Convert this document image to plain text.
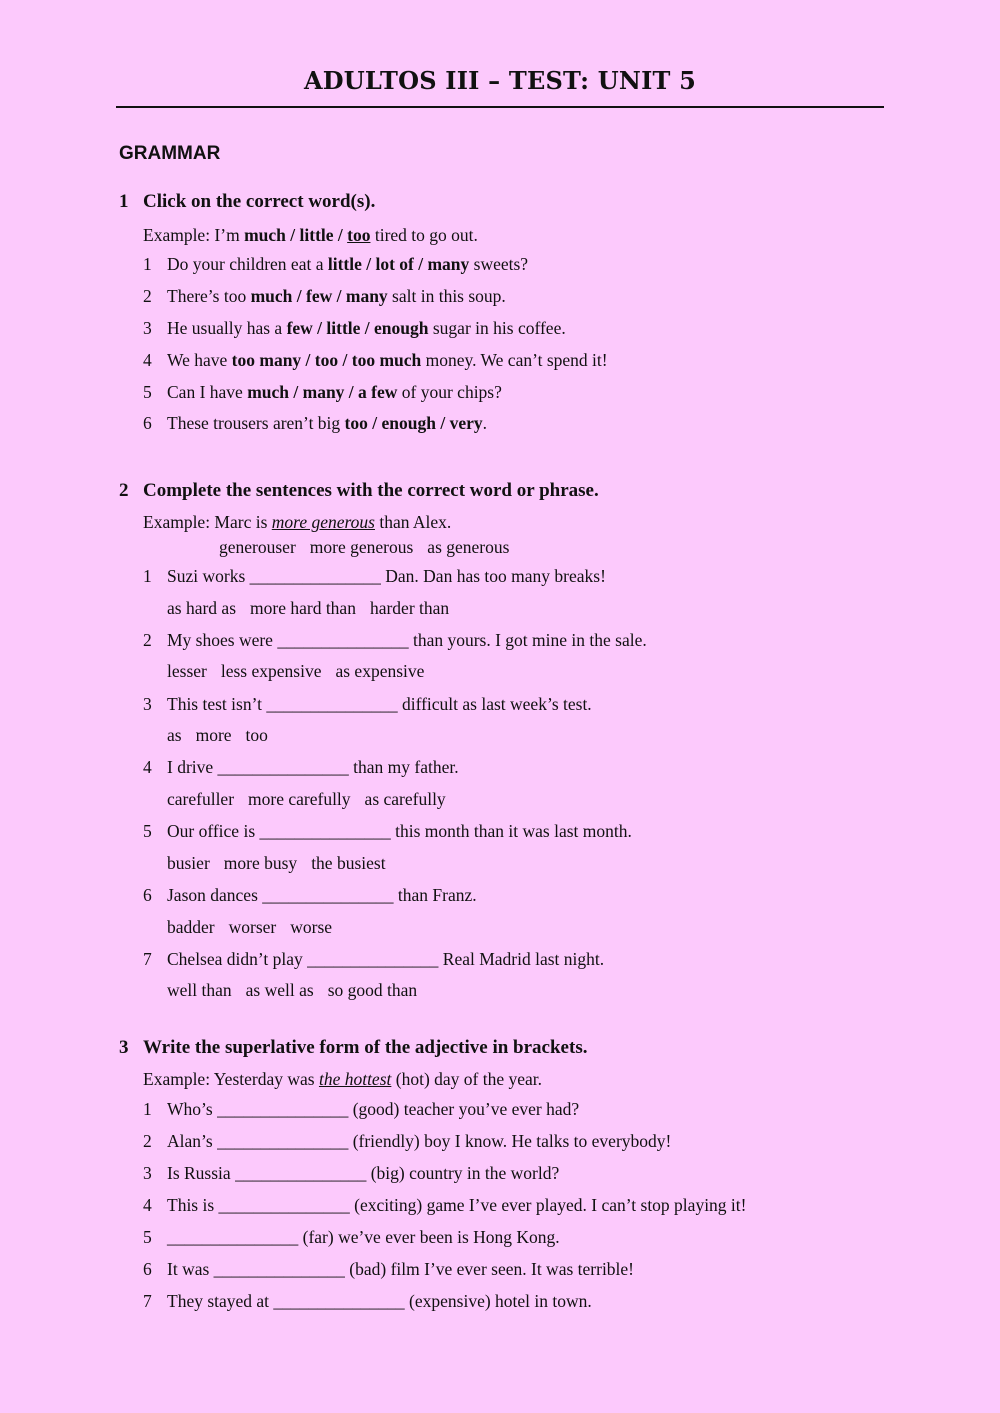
ADULTOS III – TEST: UNIT 5
GRAMMAR
1 Click on the correct word(s).
Example: I’m much / little / too tired to go out.
1 Do your children eat a little / lot of / many sweets?
2 There’s too much / few / many salt in this soup.
3 He usually has a few / little / enough sugar in his coffee.
4 We have too many / too / too much money. We can’t spend it!
5 Can I have much / many / a few of your chips?
6 These trousers aren’t big too / enough / very.
2 Complete the sentences with the correct word or phrase.
Example: Marc is more generous than Alex.
generouser more generous as generous
1 Suzi works _______________ Dan. Dan has too many breaks!
as hard as more hard than harder than
2 My shoes were _______________ than yours. I got mine in the sale.
lesser less expensive as expensive
3 This test isn’t _______________ difficult as last week’s test.
as more too
4 I drive _______________ than my father.
carefuller more carefully as carefully
5 Our office is _______________ this month than it was last month.
busier more busy the busiest
6 Jason dances _______________ than Franz.
badder worser worse
7 Chelsea didn’t play _______________ Real Madrid last night.
well than as well as so good than
3 Write the superlative form of the adjective in brackets.
Example: Yesterday was the hottest (hot) day of the year.
1 Who’s _______________ (good) teacher you’ve ever had?
2 Alan’s _______________ (friendly) boy I know. He talks to everybody!
3 Is Russia _______________ (big) country in the world?
4 This is _______________ (exciting) game I’ve ever played. I can’t stop playing it!
5 _______________ (far) we’ve ever been is Hong Kong.
6 It was _______________ (bad) film I’ve ever seen. It was terrible!
7 They stayed at _______________ (expensive) hotel in town.
